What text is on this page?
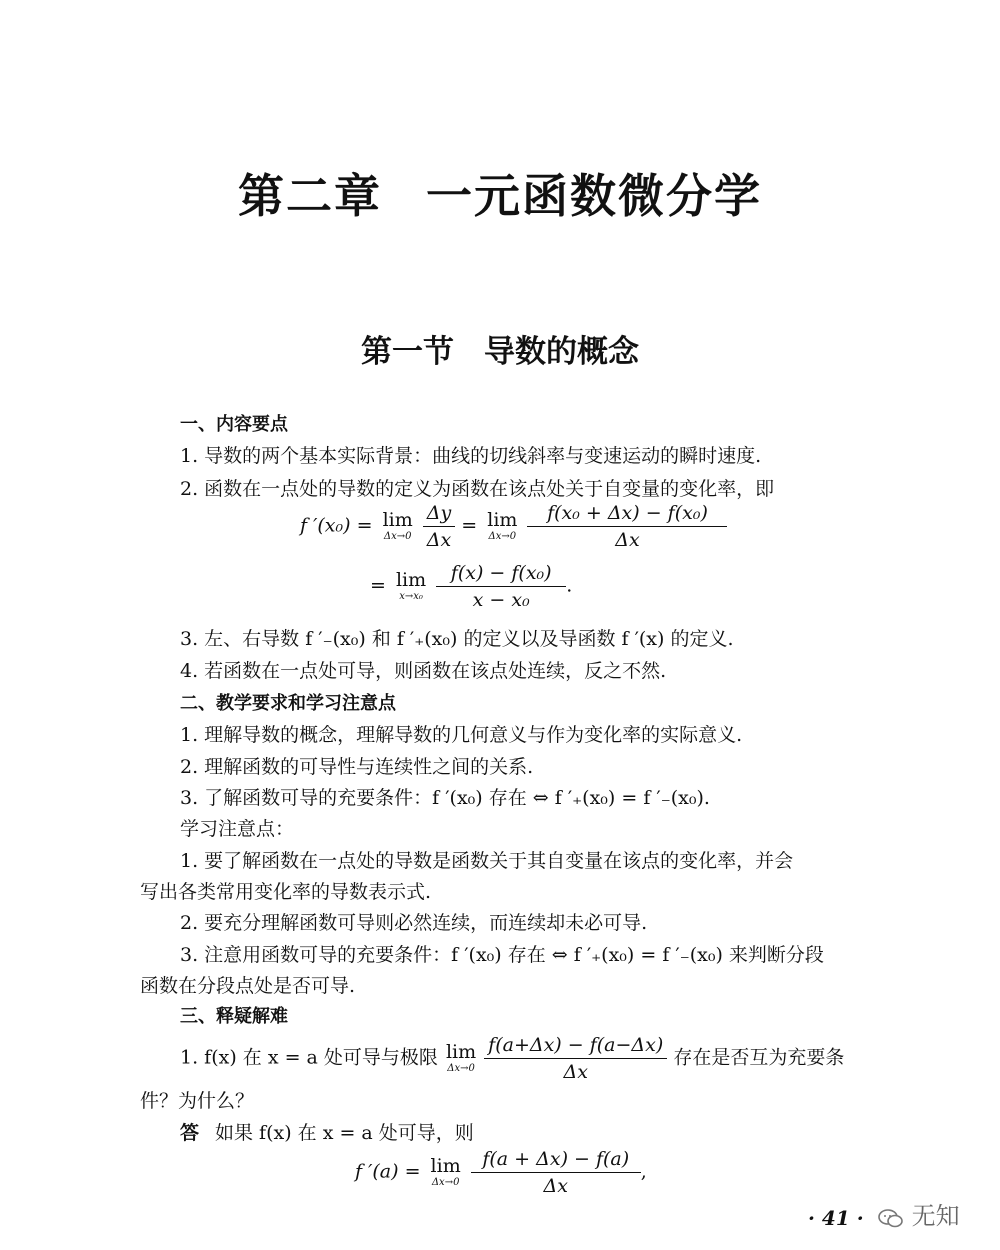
第二章 一元函数微分学
第一节 导数的概念
一、内容要点
1. 导数的两个基本实际背景：曲线的切线斜率与变速运动的瞬时速度.
2. 函数在一点处的导数的定义为函数在该点处关于自变量的变化率，即
f ′(x₀) = lim
Δx→0
$\frac{\Delta y}{\Delta x} = \lim$
Δx→0
$\frac{\text{f(x₀ + Δx) − f(x₀)}}{\Delta x}$
= lim
x→x₀
$\frac{\text{f(x) − f(x₀)}}{\text{x − x₀}}$ .
3. 左、右导数 f ′₋(x₀) 和 f ′₊(x₀) 的定义以及导函数 f ′(x) 的定义.
4. 若函数在一点处可导，则函数在该点处连续，反之不然.
二、教学要求和学习注意点
1. 理解导数的概念，理解导数的几何意义与作为变化率的实际意义.
2. 理解函数的可导性与连续性之间的关系.
3. 了解函数可导的充要条件：f ′(x₀) 存在 ⇔ f ′₊(x₀) = f ′₋(x₀).
学习注意点：
1. 要了解函数在一点处的导数是函数关于其自变量在该点的变化率，并会
写出各类常用变化率的导数表示式.
2. 要充分理解函数可导则必然连续，而连续却未必可导.
3. 注意用函数可导的充要条件：f ′(x₀) 存在 ⇔ f ′₊(x₀) = f ′₋(x₀) 来判断分段
函数在分段点处是否可导.
三、释疑解难
1. f(x) 在 x = a 处可导与极限 lim
Δx→0
$\frac{f(a+\Delta x) - f(a-\Delta x)}{\Delta x}$ 存在是否互为充要条
件？为什么？
答 如果 f(x) 在 x = a 处可导，则
f ′(a) = lim
Δx→0
$\frac{f(a + \Delta x) - f(a)}{\Delta x}$ ,
· 41 ·	无知
